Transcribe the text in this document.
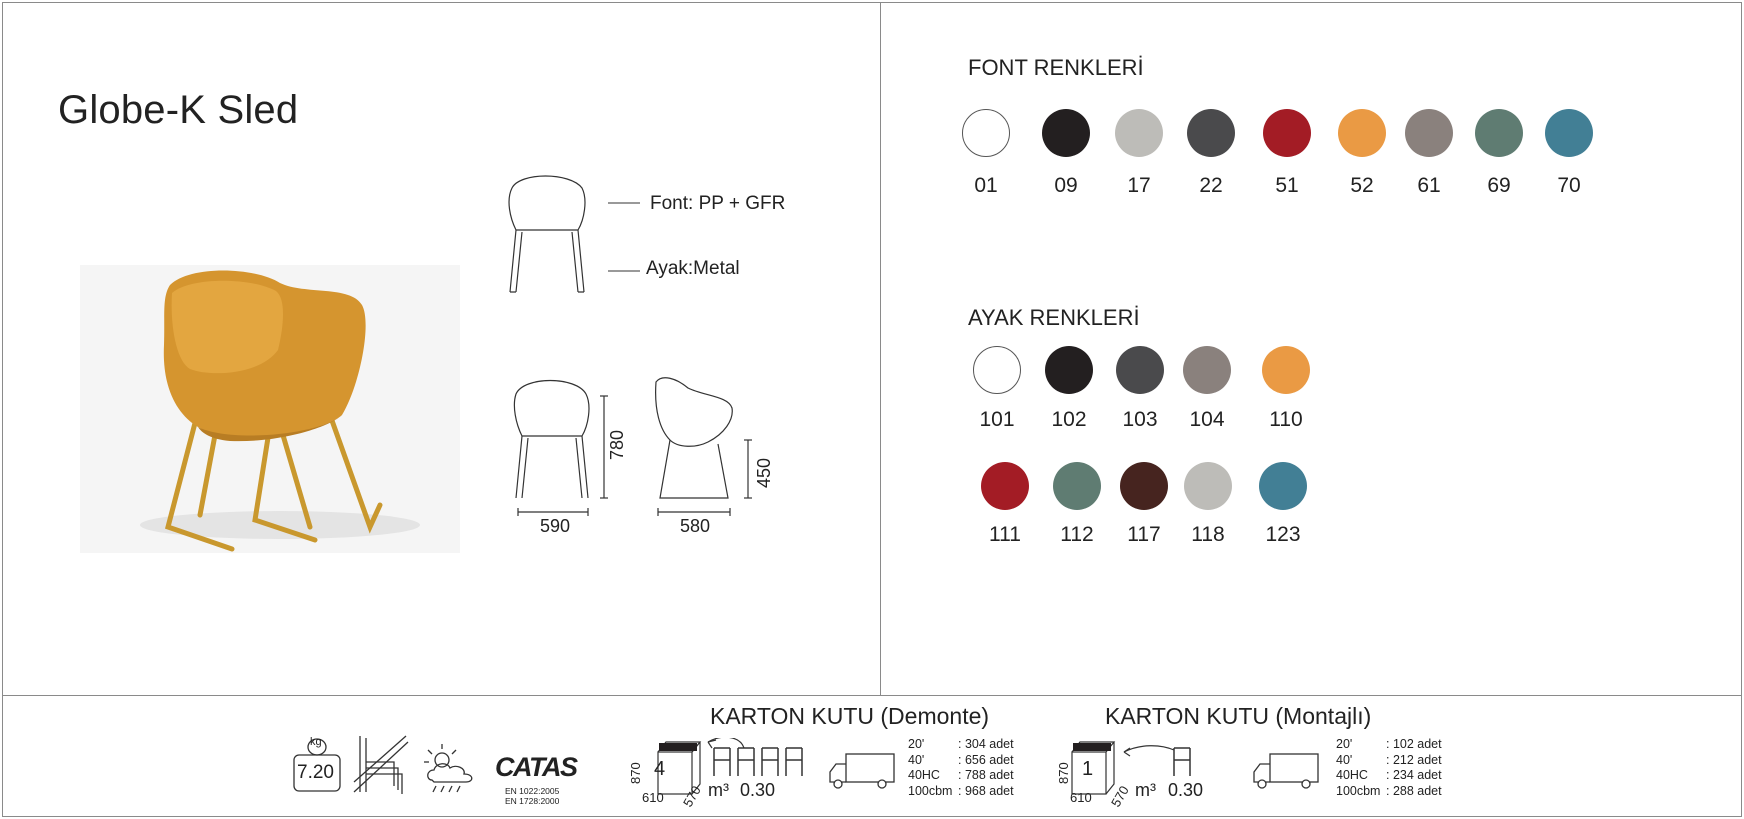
Globe-K Sled
Font: PP + GFR
Ayak:Metal
590
780
580
450
FONT RENKLERİ
01	09	17	22	51	52	61	69	70
AYAK RENKLERİ
101	102	103	104	110
111	112	117	118	123
kg
7.20	CATAS
EN 1022:2005
EN 1728:2000
KARTON KUTU (Demonte)
4
870
610 570 m³ 0.30
20'	: 304 adet
40'	: 656 adet
40HC : 788 adet
100cbm : 968 adet
KARTON KUTU (Montajlı)
1
870
610 570 m³ 0.30
20'	: 102 adet
40'	: 212 adet
40HC : 234 adet
100cbm : 288 adet
